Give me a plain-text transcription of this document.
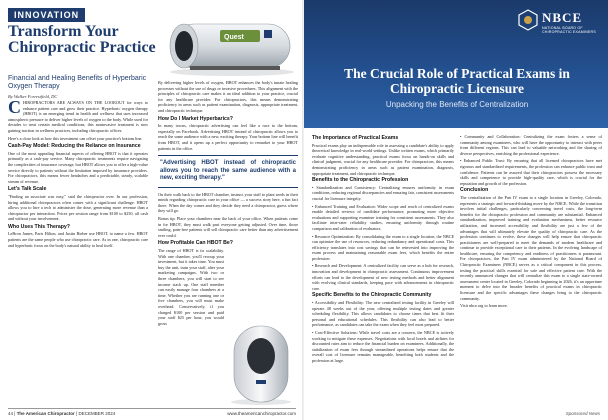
INNOVATION
Transform Your Chiropractic Practice
Financial and Healing Benefits of Hyperbaric Oxygen Therapy
Quest
By Walker Forrestfield, DC

CHIROPRACTORS ARE ALWAYS ON THE LOOKOUT for ways to enhance patient care and grow their practice. Hyperbaric oxygen therapy (HBOT) is an emerging trend in health and wellness that uses increased atmospheric pressure to deliver higher levels of oxygen to the body. While used for decades to treat certain medical conditions, this noninvasive treatment is now gaining traction in wellness practices, including chiropractic offices.

Here's a close look at how this investment can offset your practice's bottom line.

Cash-Pay Model: Reducing the Reliance on Insurance

One of the most appealing financial aspects of offering HBOT is that it operates primarily as a cash-pay service. Many chiropractic treatments require navigating the complexities of insurance coverage, but HBOT allows you to offer a high-value service directly to patients without the limitation imposed by insurance providers. For chiropractors, this means fewer headaches and a predictable, steady, scalable stream of revenue.

Let's Talk Scale

"Finding an associate was easy," said the chiropractor over. In our profession, hiring additional chiropractors often comes with a significant challenge. HBOT allows you to hire a tech to administer the dose, generating more revenue than a chiropractor per interaction. Prices per session range from $100 to $250, all cash and without your involvement.

Who Uses This Therapy?

LeBron James, Paris Hilton, and Justin Bieber use HBOT, to name a few. HBOT patients are the same people who use chiropractic care. As in one, chiropractic care and hyperbaric focus on the body's natural ability to heal itself.

By delivering higher levels of oxygen, HBOT enhances the body's innate healing processes without the use of drugs or invasive procedures. This alignment with the principles of chiropractic care makes it an ideal addition to your practice, crucial for any healthcare provider. For chiropractors, this means demonstrating proficiency in areas such as patient examination, diagnosis, appropriate treatment, and chiropractic technique.

How Do I Market Hyperbarics?

In many towns, chiropractic advertising can feel like a race to the bottom, especially on Facebook. Advertising HBOT instead of chiropractic allows you to reach the same audience with a new, exciting therapy. Your bottom line will benefit from HBOT, and it opens up a perfect opportunity to remarket to your HBOT patients in the office.

"Advertising HBOT instead of chiropractic allows you to reach the same audience with a new, exciting therapy."

On their walk back to the HBOT chamber, instruct your staff to plant seeds in their minds regarding chiropractic care in your office — a success story here, a fun fact there. When the day comes and they decide they need a chiropractor, guess where they will go.

Bonus tip: Place your chambers near the back of your office. When patients come in for HBOT, they must walk past everyone getting adjusted. Over time, those smiling, pain-free patients will sell chiropractic care better than any advertisement ever could.

How Profitable Can HBOT Be?

The range of HBOT is its scalability. With one chamber, you'll recoup your investment, but it takes time. You must buy the unit, train your staff, alter your marketing campaigns. With two or three chambers, you will start to see income stack up. One staff member can easily manage four chambers at a time. Whether you are running one or five chambers, you will must make overhead. Conservatively, if you charged $100 per session and paid your staff $25 per hour, you would gross

44 | The American Chiropractor | DECEMBER 2024	www.theamericanchiropractor.com
NBCE
NATIONAL BOARD OF CHIROPRACTIC EXAMINERS
The Crucial Role of Practical Exams in Chiropractic Licensure
Unpacking the Benefits of Centralization
The Importance of Practical Exams

Practical exams play an indispensable role in assessing a candidate's ability to apply theoretical knowledge in real-world settings. Unlike written exams, which primarily evaluate cognitive understanding, practical exams focus on hands-on skills and clinical judgment, crucial for any healthcare provider. For chiropractors, this means demonstrating proficiency in areas such as patient examination, diagnosis, appropriate treatment, and chiropractic technique.

Benefits to the Chiropractic Profession

• Standardization and Consistency: Centralizing ensures uniformity in exam conditions, reducing regional discrepancies and ensuring fair, consistent assessments crucial for licensure integrity.

• Enhanced Training and Evaluation: Wider scope and reach of centralized exams enable detailed reviews of candidate performance, promoting more objective evaluations and supporting examiner training for consistent assessments. They also facilitate inter-rater reliability studies, ensuring uniformity through routine comparison and calibration of evaluators.

• Resource Optimization: By consolidating the exam to a single location, the NBCE can optimize the use of resources, reducing redundancy and operational costs. This efficiency translates into cost savings that can be reinvested into improving the exam process and maintaining reasonable exam fees, which benefits the entire profession.

• Research and Development: A centralized facility can serve as a hub for research, innovation and development in chiropractic assessment. Continuous improvement efforts can lead to the development of new testing methods and better alignment with evolving clinical standards, keeping pace with advancements in chiropractic care.

Specific Benefits to the Chiropractic Community

• Accessibility and Flexibility: The new centralized testing facility in Greeley will operate 48 weeks out of the year, offering multiple testing dates and greater scheduling flexibility. This allows candidates to choose times that best fit their personal and educational schedules. This flexibility can also lead to better performance, as candidates can take the exam when they feel most prepared.

• Cost-Effective Solutions: While travel costs are a concern, the NBCE is actively working to mitigate these expenses. Negotiations with local hotels and airlines for discounted rates aim to reduce the financial burden on examinees. Additionally, the stabilization of exam fees through streamlined operations helps ensure that the overall cost of licensure remains manageable, benefiting both students and the profession at large.

• Community and Collaboration: Centralizing the exam fosters a sense of community among examinees, who will have the opportunity to interact with peers from different regions. This can lead to valuable networking and the sharing of diverse perspectives, enriching the professional experience.

• Enhanced Public Trust: By ensuring that all licensed chiropractors have met rigorous and standardized requirements, the profession can enhance public trust and confidence. Patients can be assured that their chiropractors possess the necessary skills and competence to provide high-quality care, which is crucial for the reputation and growth of the profession.

Conclusion

The centralization of the Part IV exam to a single location in Greeley, Colorado, represents a strategic and forward-thinking move by the NBCE. While the transition involves initial challenges, particularly concerning travel costs, the long-term benefits for the chiropractic profession and community are substantial. Enhanced standardization, improved training and evaluation mechanisms, better resource utilization, and increased accessibility and flexibility are just a few of the advantages that will ultimately elevate the quality of chiropractic care. As the profession continues to evolve, these changes will help ensure that chiropractic practitioners are well-prepared to meet the demands of modern healthcare and continue to provide exceptional care to their patients. In the evolving landscape of healthcare, ensuring the competency and readiness of practitioners is paramount. For chiropractors, the Part IV exam administered by the National Board of Chiropractic Examiners (NBCE) serves as a critical component in this process, testing the practical skills essential for safe and effective patient care. With the recently announced changes that will centralize this exam to a single state-owned assessment center located in Greeley, Colorado beginning in 2026, it's an opportune moment to delve into the broader benefits of practical exams in chiropractic licensure and the specific advantages these changes bring to the chiropractic community.

Visit nbce.org to learn more.

Sponsored News
